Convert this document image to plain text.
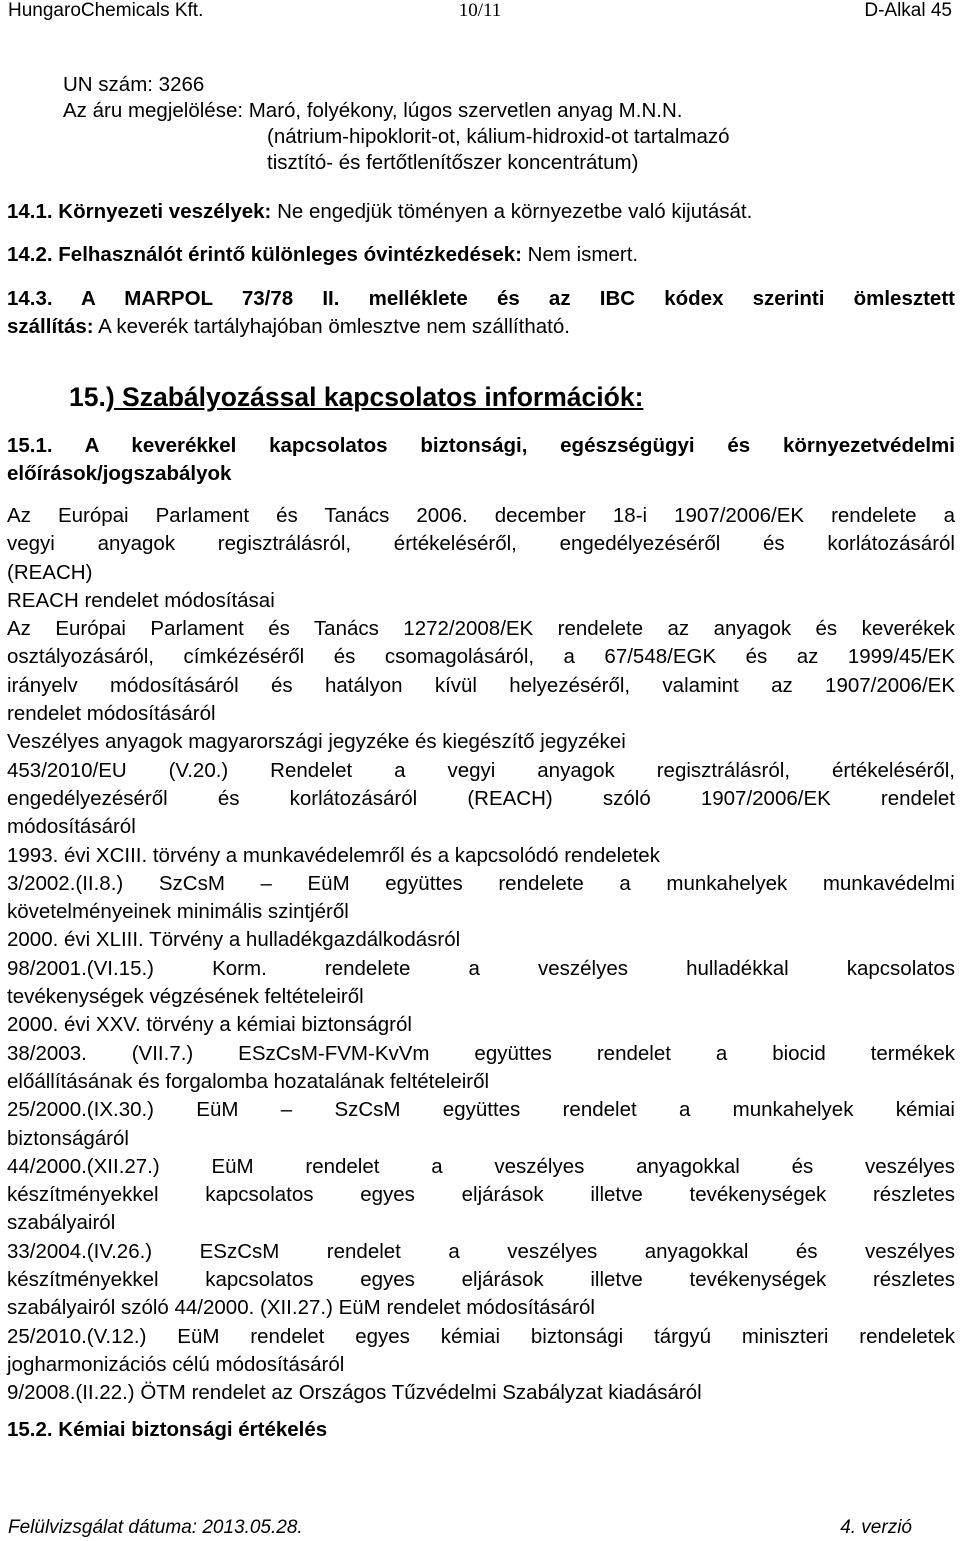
HungaroChemicals Kft.	10/11	D-Alkal 45
UN szám: 3266
Az áru megjelölése: Maró, folyékony, lúgos szervetlen anyag M.N.N.
(nátrium-hipoklorit-ot, kálium-hidroxid-ot tartalmazó
tisztító- és fertőtlenítőszer koncentrátum)
14.1. Környezeti veszélyek: Ne engedjük töményen a környezetbe való kijutását.
14.2. Felhasználót érintő különleges óvintézkedések: Nem ismert.
14.3. A MARPOL 73/78 II. melléklete és az IBC kódex szerinti ömlesztett
szállítás: A keverék tartályhajóban ömlesztve nem szállítható.
15.) Szabályozással kapcsolatos információk:
15.1. A keverékkel kapcsolatos biztonsági, egészségügyi és környezetvédelmi
előírások/jogszabályok
Az Európai Parlament és Tanács 2006. december 18-i 1907/2006/EK rendelete a
vegyi anyagok regisztrálásról, értékeléséről, engedélyezéséről és korlátozásáról
(REACH)
REACH rendelet módosításai
Az Európai Parlament és Tanács 1272/2008/EK rendelete az anyagok és keverékek
osztályozásáról, címkézéséről és csomagolásáról, a 67/548/EGK és az 1999/45/EK
irányelv módosításáról és hatályon kívül helyezéséről, valamint az 1907/2006/EK
rendelet módosításáról
Veszélyes anyagok magyarországi jegyzéke és kiegészítő jegyzékei
453/2010/EU (V.20.) Rendelet a vegyi anyagok regisztrálásról, értékeléséről,
engedélyezéséről és korlátozásáról (REACH) szóló 1907/2006/EK rendelet
módosításáról
1993. évi XCIII. törvény a munkavédelemről és a kapcsolódó rendeletek
3/2002.(II.8.) SzCsM – EüM együttes rendelete a munkahelyek munkavédelmi
követelményeinek minimális szintjéről
2000. évi XLIII. Törvény a hulladékgazdálkodásról
98/2001.(VI.15.) Korm. rendelete a veszélyes hulladékkal kapcsolatos
tevékenységek végzésének feltételeiről
2000. évi XXV. törvény a kémiai biztonságról
38/2003. (VII.7.) ESzCsM-FVM-KvVm együttes rendelet a biocid termékek
előállításának és forgalomba hozatalának feltételeiről
25/2000.(IX.30.) EüM – SzCsM együttes rendelet a munkahelyek kémiai
biztonságáról
44/2000.(XII.27.) EüM rendelet a veszélyes anyagokkal és veszélyes
készítményekkel kapcsolatos egyes eljárások illetve tevékenységek részletes
szabályairól
33/2004.(IV.26.) ESzCsM rendelet a veszélyes anyagokkal és veszélyes
készítményekkel kapcsolatos egyes eljárások illetve tevékenységek részletes
szabályairól szóló 44/2000. (XII.27.) EüM rendelet módosításáról
25/2010.(V.12.) EüM rendelet egyes kémiai biztonsági tárgyú miniszteri rendeletek
jogharmonizációs célú módosításáról
9/2008.(II.22.) ÖTM rendelet az Országos Tűzvédelmi Szabályzat kiadásáról
15.2. Kémiai biztonsági értékelés
Felülvizsgálat dátuma: 2013.05.28.	4. verzió
